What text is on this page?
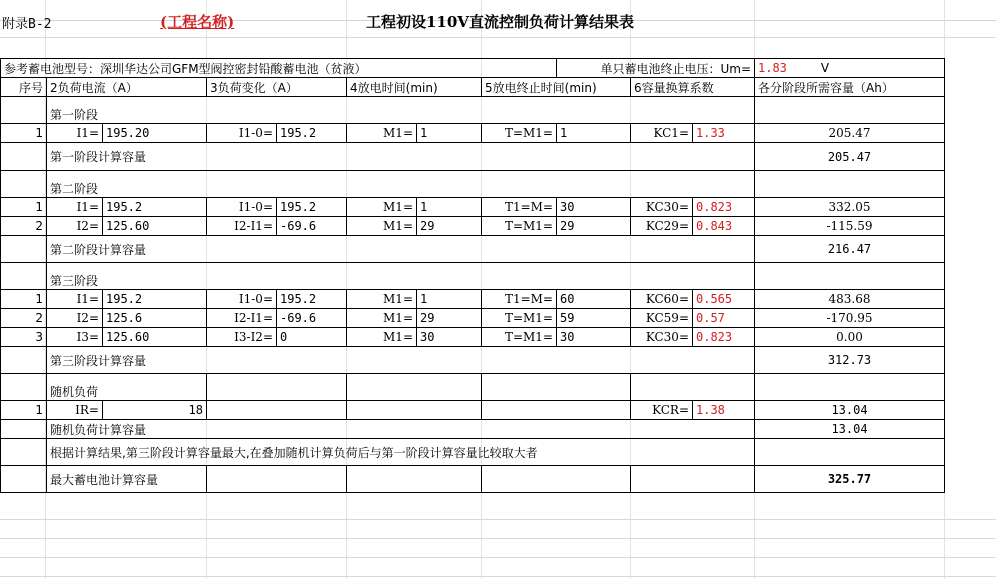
附录B-2	(工程名称)	工程初设110V直流控制负荷计算结果表
参考蓄电池型号：深圳华达公司GFM型阀控密封铅酸蓄电池（贫液）								单只蓄电池终止电压：Um=			1.83 V
序号	2负荷电流（A）		3负荷变化（A）		4放电时间(min)		5放电终止时间(min)		6容量换算系数		各分阶段所需容量（Ah）
	第一阶段										
1	I1=	195.20	I1-0=	195.2	M1=	1	T=M1=	1	KC1=	1.33	205.47
	第一阶段计算容量										205.47
	第二阶段										
1	I1=	195.2	I1-0=	195.2	M1=	1	T1=M=	30	KC30=	0.823	332.05
2	I2=	125.60	I2-I1=	-69.6	M1=	29	T=M1=	29	KC29=	0.843	-115.59
	第二阶段计算容量										216.47
	第三阶段										
1	I1=	195.2	I1-0=	195.2	M1=	1	T1=M=	60	KC60=	0.565	483.68
2	I2=	125.6	I2-I1=	-69.6	M1=	29	T=M1=	59	KC59=	0.57	-170.95
3	I3=	125.60	I3-I2=	0	M1=	30	T=M1=	30	KC30=	0.823	0.00
	第三阶段计算容量										312.73
	随机负荷										
1	IR=	18							KCR=	1.38	13.04
	随机负荷计算容量										13.04
	根据计算结果,第三阶段计算容量最大,在叠加随机计算负荷后与第一阶段计算容量比较取大者										
	最大蓄电池计算容量										325.77
